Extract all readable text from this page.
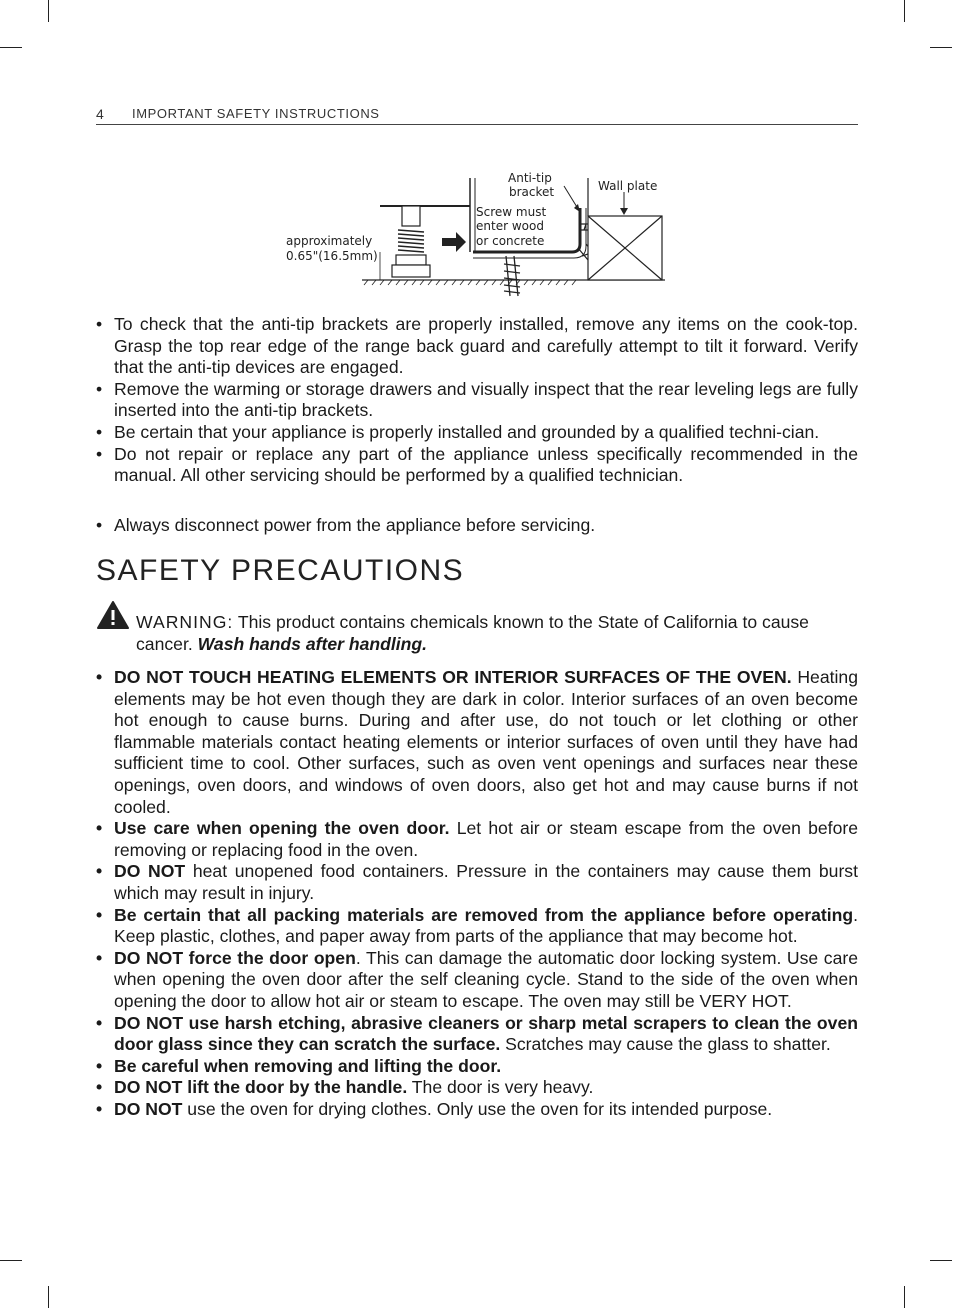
4 IMPORTANT SAFETY INSTRUCTIONS
Anti-tip
bracket	Wall plate
Screw must
enter wood
or concrete
approximately
0.65"(16.5mm)
• To check that the anti-tip brackets are properly installed, remove any items on the cook-top. Grasp the top rear edge of the range back guard and carefully attempt to tilt it forward. Verify that the anti-tip devices are engaged.
• Remove the warming or storage drawers and visually inspect that the rear leveling legs are fully inserted into the anti-tip brackets.
• Be certain that your appliance is properly installed and grounded by a qualified techni-cian.
• Do not repair or replace any part of the appliance unless specifically recommended in the manual. All other servicing should be performed by a qualified technician.
• Always disconnect power from the appliance before servicing.
SAFETY PRECAUTIONS
WARNING: This product contains chemicals known to the State of California to cause cancer. Wash hands after handling.
• DO NOT TOUCH HEATING ELEMENTS OR INTERIOR SURFACES OF THE OVEN. Heating elements may be hot even though they are dark in color. Interior surfaces of an oven become hot enough to cause burns. During and after use, do not touch or let clothing or other flammable materials contact heating elements or interior surfaces of oven until they have had sufficient time to cool. Other surfaces, such as oven vent openings and surfaces near these openings, oven doors, and windows of oven doors, also get hot and may cause burns if not cooled.
• Use care when opening the oven door. Let hot air or steam escape from the oven before removing or replacing food in the oven.
• DO NOT heat unopened food containers. Pressure in the containers may cause them burst which may result in injury.
• Be certain that all packing materials are removed from the appliance before operating. Keep plastic, clothes, and paper away from parts of the appliance that may become hot.
• DO NOT force the door open. This can damage the automatic door locking system. Use care when opening the oven door after the self cleaning cycle. Stand to the side of the oven when opening the door to allow hot air or steam to escape. The oven may still be VERY HOT.
• DO NOT use harsh etching, abrasive cleaners or sharp metal scrapers to clean the oven door glass since they can scratch the surface. Scratches may cause the glass to shatter.
• Be careful when removing and lifting the door.
• DO NOT lift the door by the handle. The door is very heavy.
• DO NOT use the oven for drying clothes. Only use the oven for its intended purpose.
